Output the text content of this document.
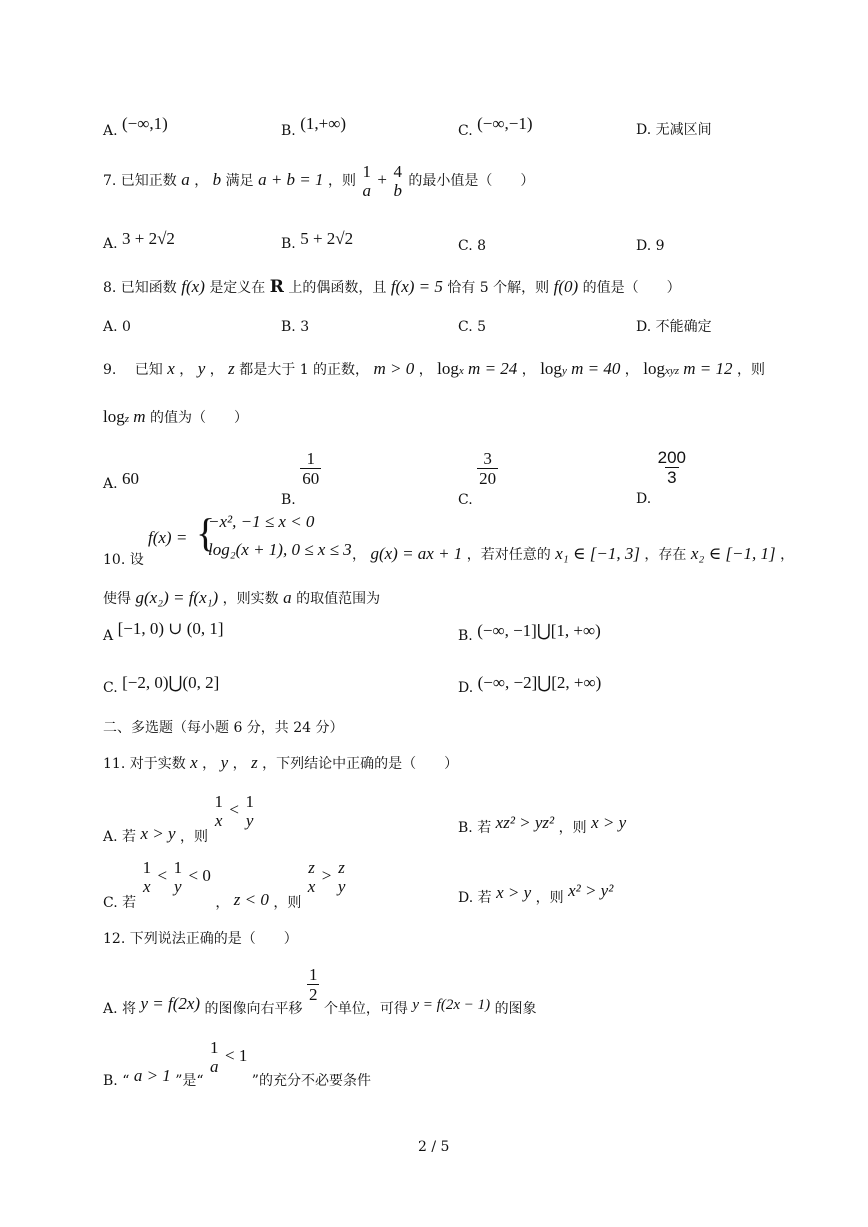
A. (−∞,1)	B. (1,+∞)	C. (−∞,−1)	D. 无减区间
7. 已知正数 a ， b 满足 a + b = 1 ，则 1
a
+ 4
b 的最小值是（　　）
A. 3 + 2√2	B. 5 + 2√2	C. 8	D. 9
8. 已知函数 f(x) 是定义在 R 上的偶函数，且 f(x) = 5 恰有 5 个解，则 f(0) 的值是（　　）
A. 0	B. 3	C. 5	D. 不能确定
9.　 已知 x ， y ， z 都是大于 1 的正数， m > 0 ， logx m = 24 ， logy m = 40 ， logxyz m = 12 ，则
logz m 的值为（　　）
A. 60
B.
$\frac{1}{60}$
C.
$\frac{3}{20}$
D.
$\frac{200}{3}$
10. 设
f(x) = {
−x², −1 ≤ x < 0
log₂(x + 1), 0 ≤ x ≤ 3 ， g(x) = ax + 1 ，若对任意的 x₁ ∈ [−1, 3] ，存在 x₂ ∈ [−1, 1] ，
使得 g(x₂) = f(x₁) ，则实数 a 的取值范围为
A [−1, 0) ∪ (0, 1]	B. (−∞, −1]⋃[1, +∞)
C. [−2, 0)⋃(0, 2]	D. (−∞, −2]⋃[2, +∞)
二、多选题（每小题 6 分，共 24 分）
11. 对于实数 x ， y ， z ，下列结论中正确的是（　　）
A. 若 x > y ，则
1
x
< 1
y	B. 若 xz² > yz² ，则 x > y
C. 若
1
x
< 1
y
< 0 ， z < 0 ，则
z
x
> z
y
D. 若 x > y ，则 x² > y²
12. 下列说法正确的是（　　）
A. 将 y = f(2x) 的图像向右平移
$\frac{1}{2}$
个单位，可得 y = f(2x − 1) 的图象
B. “ a > 1 ”是“
1
a
< 1 ”的充分不必要条件
2 / 5
